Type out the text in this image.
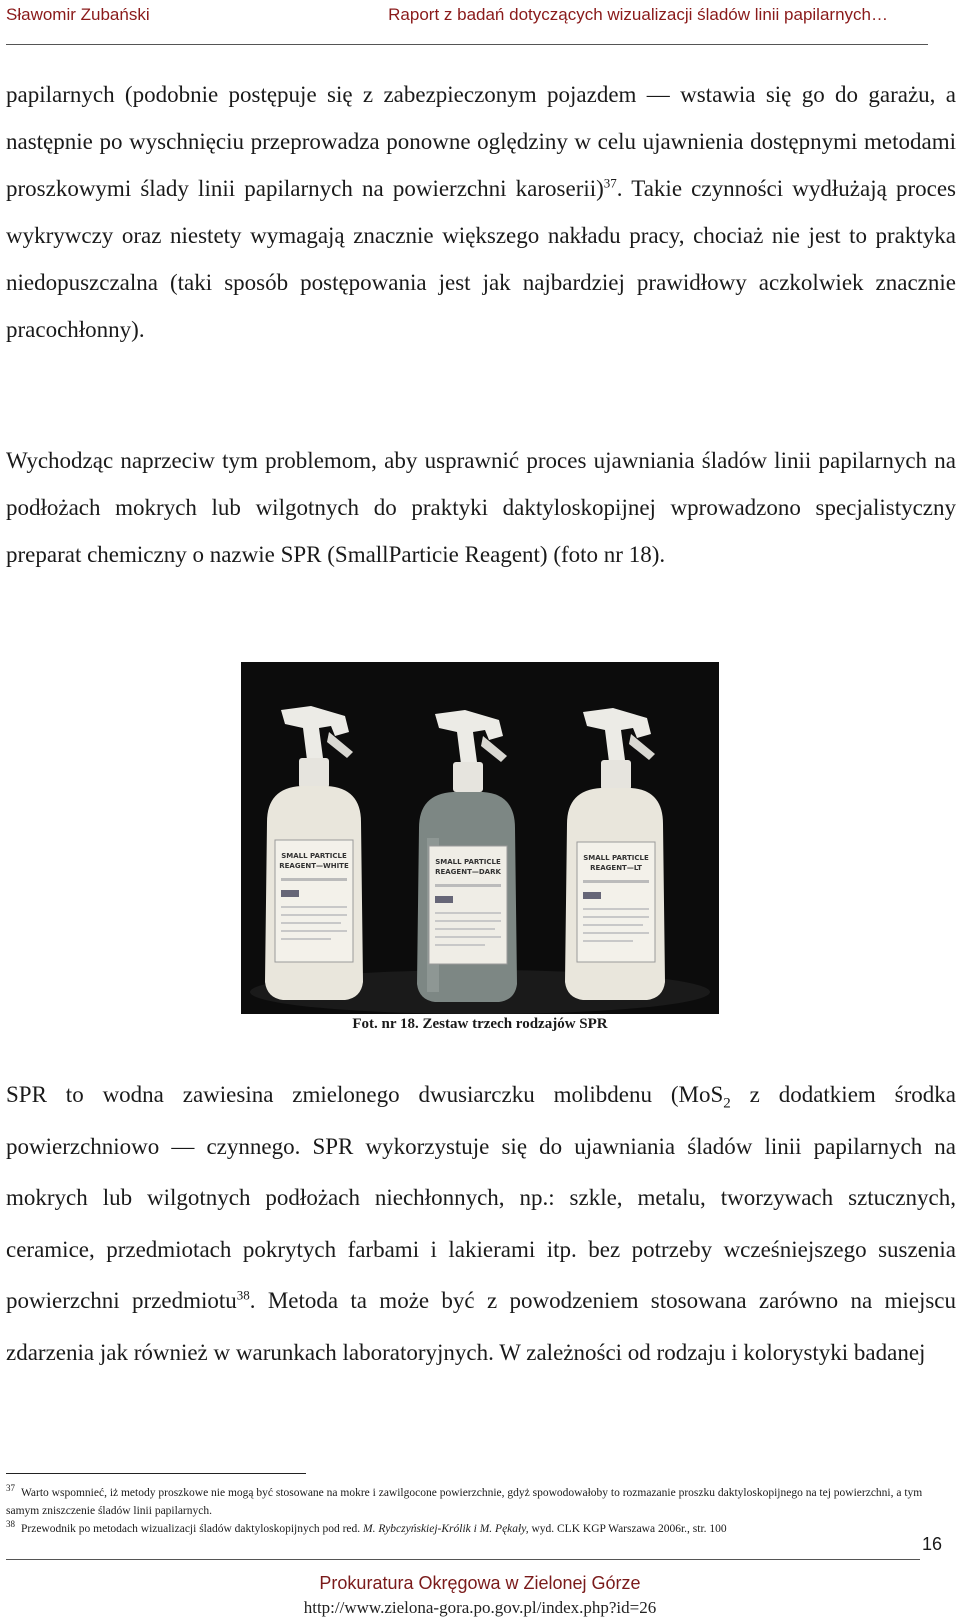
Sławomir Zubański	Raport z badań dotyczących wizualizacji śladów linii papilarnych…

papilarnych (podobnie postępuje się z zabezpieczonym pojazdem — wstawia się go do garażu, a następnie po wyschnięciu przeprowadza ponowne oględziny w celu ujawnienia dostępnymi metodami proszkowymi ślady linii papilarnych na powierzchni karoserii)$^{37}$. Takie czynności wydłużają proces wykrywczy oraz niestety wymagają znacznie większego nakładu pracy, chociaż nie jest to praktyka niedopuszczalna (taki sposób postępowania jest jak najbardziej prawidłowy aczkolwiek znacznie pracochłonny).

Wychodząc naprzeciw tym problemom, aby usprawnić proces ujawniania śladów linii papilarnych na podłożach mokrych lub wilgotnych do praktyki daktyloskopijnej wprowadzono specjalistyczny preparat chemiczny o nazwie SPR (SmallParticie Reagent) (foto nr 18).

SMALL PARTICLE
REAGENT—WHITE	SMALL PARTICLE
REAGENT—DARK
SMALL PARTICLE
REAGENT—LT
Fot. nr 18. Zestaw trzech rodzajów SPR

SPR to wodna zawiesina zmielonego dwusiarczku molibdenu (MoS$_2$ z dodatkiem środka powierzchniowo — czynnego. SPR wykorzystuje się do ujawniania śladów linii papilarnych na mokrych lub wilgotnych podłożach niechłonnych, np.: szkle, metalu, tworzywach sztucznych, ceramice, przedmiotach pokrytych farbami i lakierami itp. bez potrzeby wcześniejszego suszenia powierzchni przedmiotu$^{38}$. Metoda ta może być z powodzeniem stosowana zarówno na miejscu zdarzenia jak również w warunkach laboratoryjnych. W zależności od rodzaju i kolorystyki badanej

$^{37}$ Warto wspomnieć, iż metody proszkowe nie mogą być stosowane na mokre i zawilgocone powierzchnie, gdyż spowodowałoby to rozmazanie proszku daktyloskopijnego na tej powierzchni, a tym samym zniszczenie śladów linii papilarnych.

$^{38}$ Przewodnik po metodach wizualizacji śladów daktyloskopijnych pod red. M. Rybczyńskiej-Królik i M. Pękały, wyd. CLK KGP Warszawa 2006r., str. 100

16
Prokuratura Okręgowa w Zielonej Górze
http://www.zielona-gora.po.gov.pl/index.php?id=26
